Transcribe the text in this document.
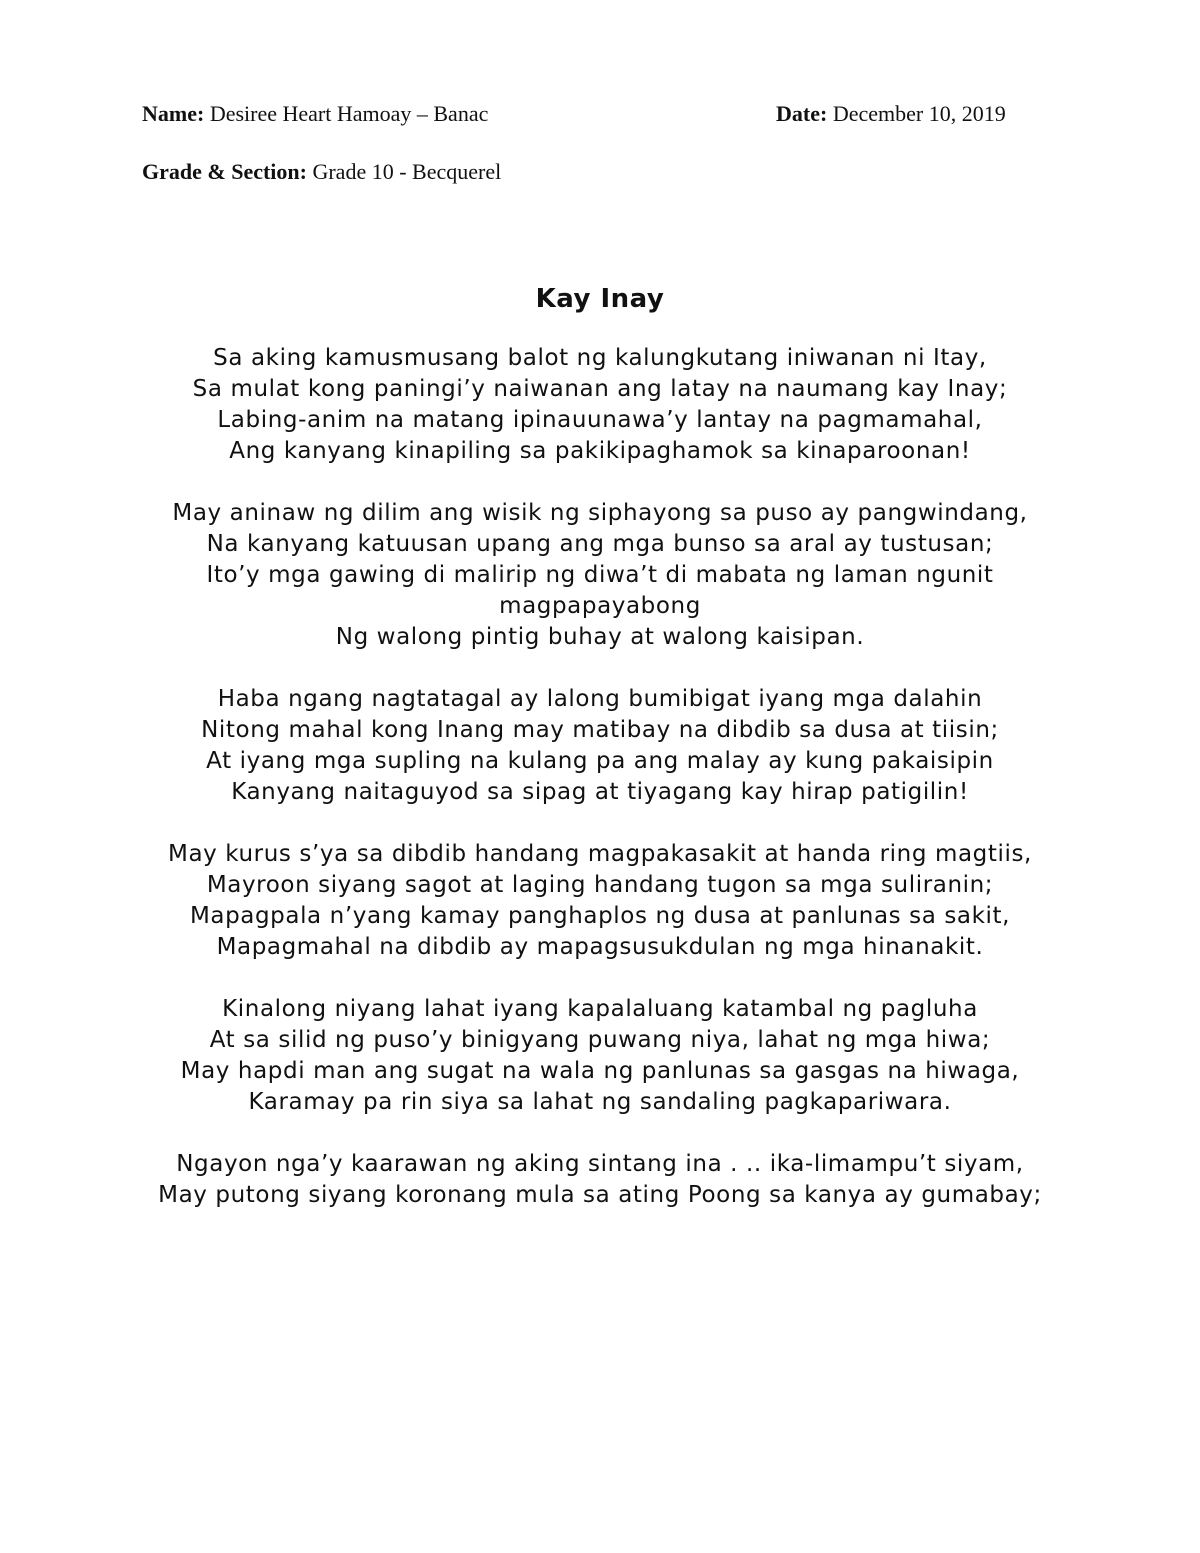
Name: Desiree Heart Hamoay – Banac	Date: December 10, 2019
Grade & Section: Grade 10 - Becquerel
Kay Inay
Sa aking kamusmusang balot ng kalungkutang iniwanan ni Itay,
Sa mulat kong paningi’y naiwanan ang latay na naumang kay Inay;
Labing-anim na matang ipinauunawa’y lantay na pagmamahal,
Ang kanyang kinapiling sa pakikipaghamok sa kinaparoonan!
May aninaw ng dilim ang wisik ng siphayong sa puso ay pangwindang,
Na kanyang katuusan upang ang mga bunso sa aral ay tustusan;
Ito’y mga gawing di malirip ng diwa’t di mabata ng laman ngunit magpapayabong
Ng walong pintig buhay at walong kaisipan.
Haba ngang nagtatagal ay lalong bumibigat iyang mga dalahin
Nitong mahal kong Inang may matibay na dibdib sa dusa at tiisin;
At iyang mga supling na kulang pa ang malay ay kung pakaisipin
Kanyang naitaguyod sa sipag at tiyagang kay hirap patigilin!
May kurus s’ya sa dibdib handang magpakasakit at handa ring magtiis,
Mayroon siyang sagot at laging handang tugon sa mga suliranin;
Mapagpala n’yang kamay panghaplos ng dusa at panlunas sa sakit,
Mapagmahal na dibdib ay mapagsusukdulan ng mga hinanakit.
Kinalong niyang lahat iyang kapalaluang katambal ng pagluha
At sa silid ng puso’y binigyang puwang niya, lahat ng mga hiwa;
May hapdi man ang sugat na wala ng panlunas sa gasgas na hiwaga,
Karamay pa rin siya sa lahat ng sandaling pagkapariwara.
Ngayon nga’y kaarawan ng aking sintang ina . .. ika-limampu’t siyam,
May putong siyang koronang mula sa ating Poong sa kanya ay gumabay;
